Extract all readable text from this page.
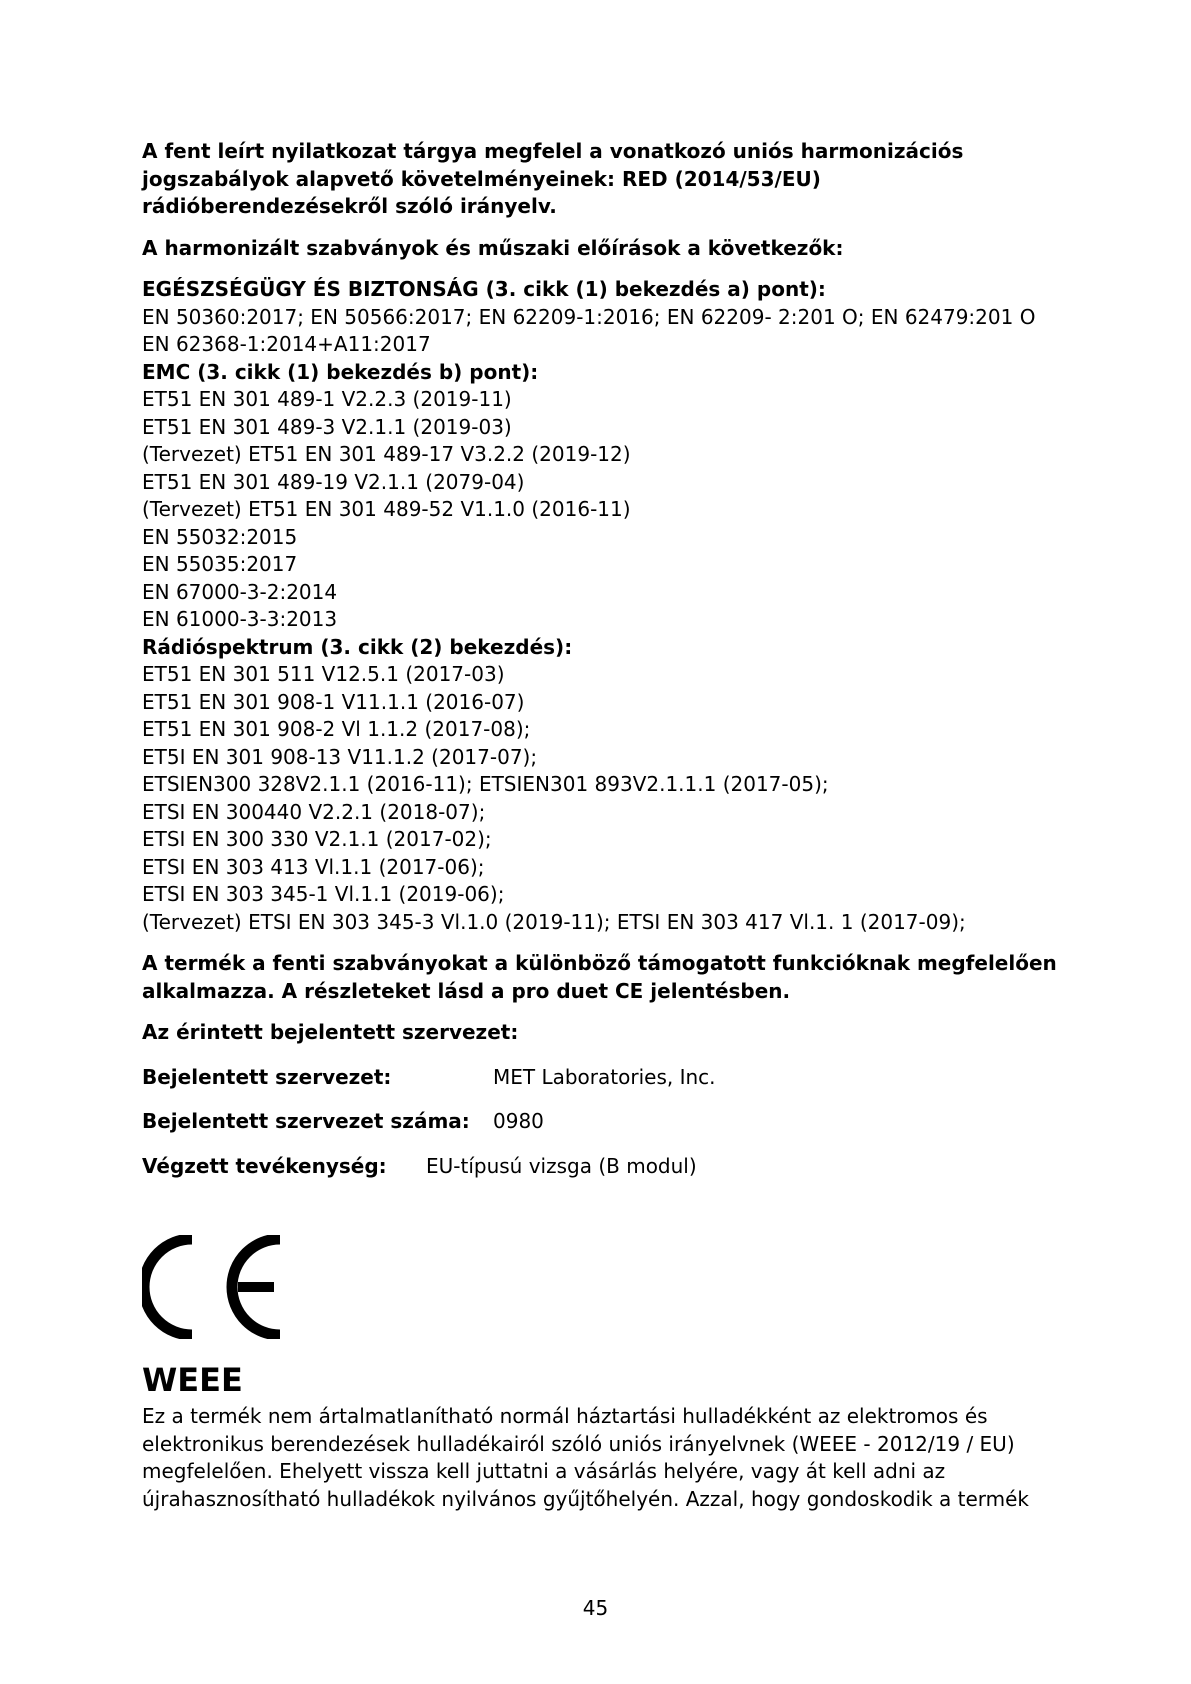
A fent leírt nyilatkozat tárgya megfelel a vonatkozó uniós harmonizációs

jogszabályok alapvető követelményeinek: RED (2014/53/EU)

rádióberendezésekről szóló irányelv.

A harmonizált szabványok és műszaki előírások a következők:

EGÉSZSÉGÜGY ÉS BIZTONSÁG (3. cikk (1) bekezdés a) pont):

EN 50360:2017; EN 50566:2017; EN 62209-1:2016; EN 62209- 2:201 O; EN 62479:201 O

EN 62368-1:2014+A11:2017

EMC (3. cikk (1) bekezdés b) pont):

ET51 EN 301 489-1 V2.2.3 (2019-11)

ET51 EN 301 489-3 V2.1.1 (2019-03)

(Tervezet) ET51 EN 301 489-17 V3.2.2 (2019-12)

ET51 EN 301 489-19 V2.1.1 (2079-04)

(Tervezet) ET51 EN 301 489-52 V1.1.0 (2016-11)

EN 55032:2015

EN 55035:2017

EN 67000-3-2:2014

EN 61000-3-3:2013

Rádióspektrum (3. cikk (2) bekezdés):

ET51 EN 301 511 V12.5.1 (2017-03)

ET51 EN 301 908-1 V11.1.1 (2016-07)

ET51 EN 301 908-2 Vl 1.1.2 (2017-08);

ET5I EN 301 908-13 V11.1.2 (2017-07);

ETSIEN300 328V2.1.1 (2016-11); ETSIEN301 893V2.1.1.1 (2017-05);

ETSI EN 300440 V2.2.1 (2018-07);

ETSI EN 300 330 V2.1.1 (2017-02);

ETSI EN 303 413 Vl.1.1 (2017-06);

ETSI EN 303 345-1 Vl.1.1 (2019-06);

(Tervezet) ETSI EN 303 345-3 Vl.1.0 (2019-11); ETSI EN 303 417 Vl.1. 1 (2017-09);

A termék a fenti szabványokat a különböző támogatott funkcióknak megfelelően

alkalmazza. A részleteket lásd a pro duet CE jelentésben.

Az érintett bejelentett szervezet:

Bejelentett szervezet:	MET Laboratories, Inc.
Bejelentett szervezet száma:	0980
Végzett tevékenység:	EU-típusú vizsga (B modul)
WEEE

Ez a termék nem ártalmatlanítható normál háztartási hulladékként az elektromos és

elektronikus berendezések hulladékairól szóló uniós irányelvnek (WEEE - 2012/19 / EU)

megfelelően. Ehelyett vissza kell juttatni a vásárlás helyére, vagy át kell adni az

újrahasznosítható hulladékok nyilvános gyűjtőhelyén. Azzal, hogy gondoskodik a termék

45
